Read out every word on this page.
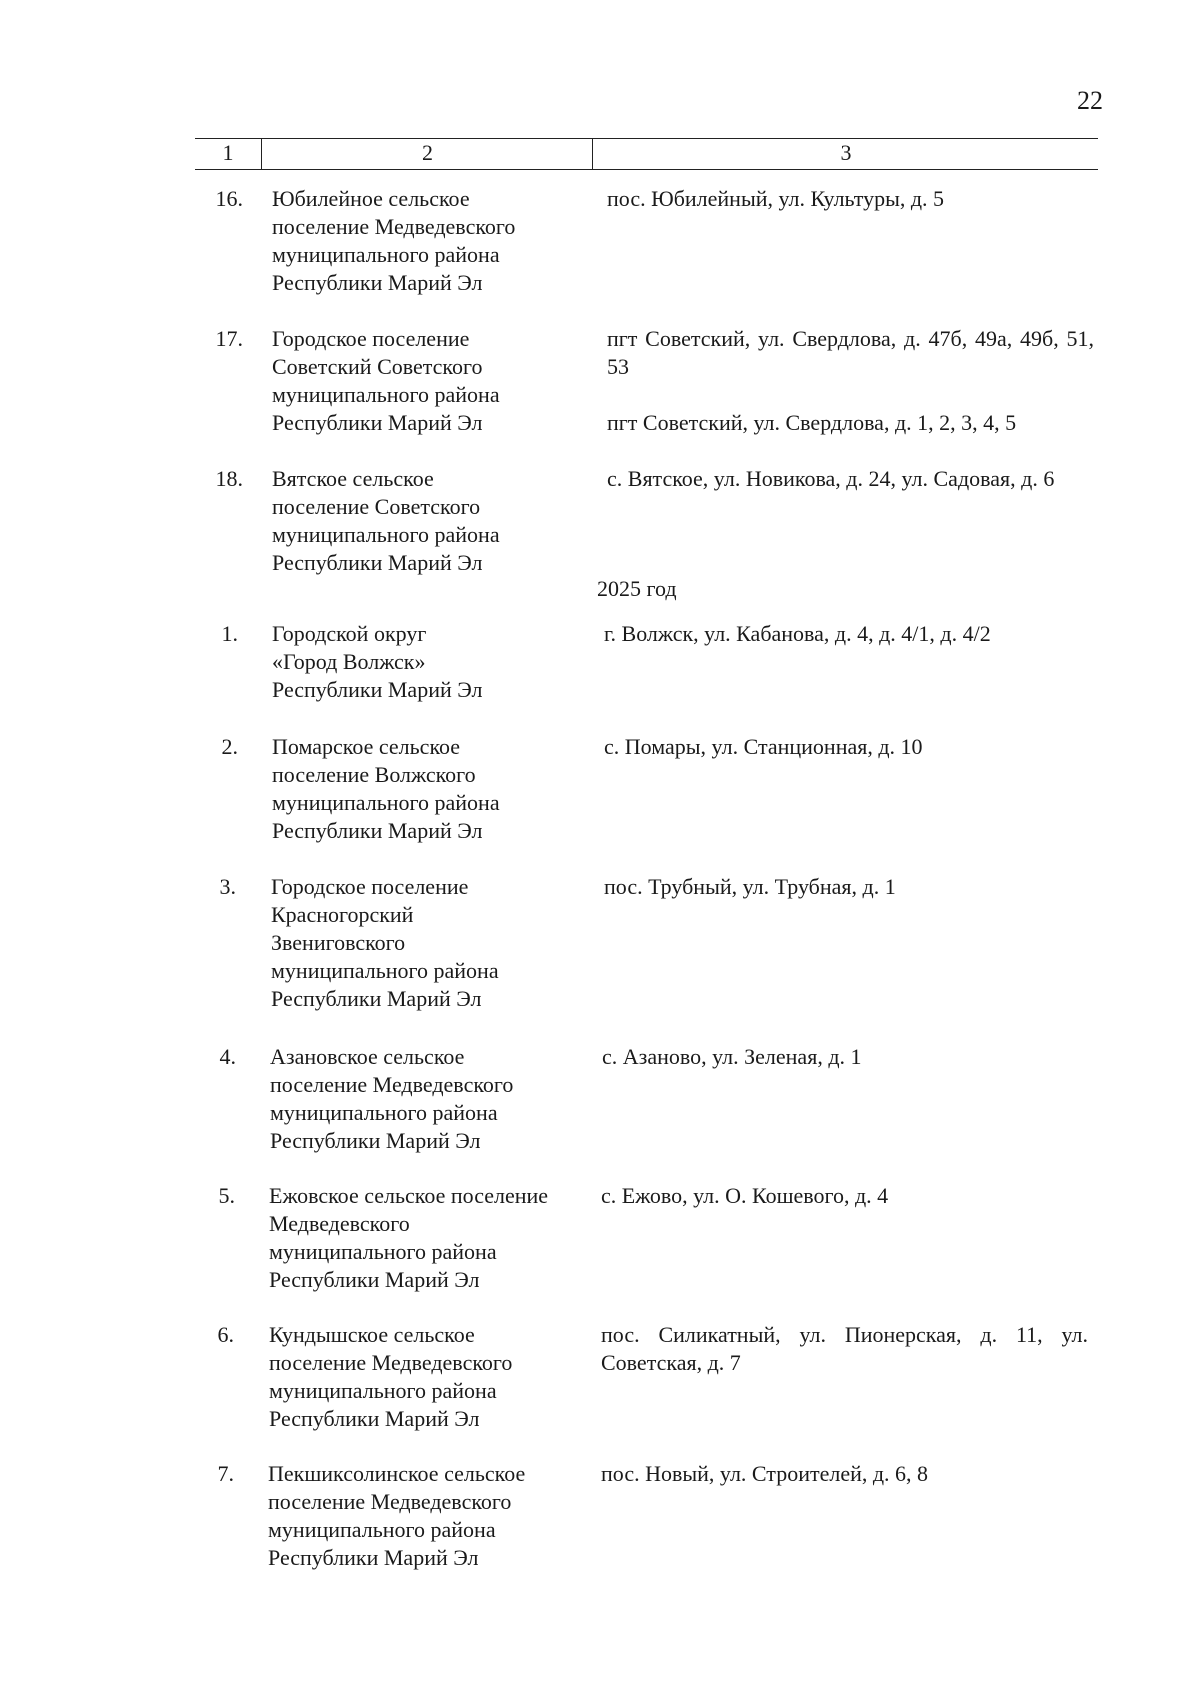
22
1	2	3
16. Юбилейное сельское
поселение Медведевского
муниципального района
Республики Марий Эл
пос. Юбилейный, ул. Культуры, д. 5
17. Городское поселение
Советский Советского
муниципального района
Республики Марий Эл
пгт Советский, ул. Свердлова, д. 47б, 49а, 49б, 51, 53
пгт Советский, ул. Свердлова, д. 1, 2, 3, 4, 5
18. Вятское сельское
поселение Советского
муниципального района
Республики Марий Эл
с. Вятское, ул. Новикова, д. 24, ул. Садовая, д. 6
2025 год
1. Городской округ
«Город Волжск»
Республики Марий Эл
г. Волжск, ул. Кабанова, д. 4, д. 4/1, д. 4/2
2. Помарское сельское
поселение Волжского
муниципального района
Республики Марий Эл
с. Помары, ул. Станционная, д. 10
3. Городское поселение
Красногорский
Звениговского
муниципального района
Республики Марий Эл
пос. Трубный, ул. Трубная, д. 1
4. Азановское сельское
поселение Медведевского
муниципального района
Республики Марий Эл
с. Азаново, ул. Зеленая, д. 1
5. Ежовское сельское поселение
Медведевского
муниципального района
Республики Марий Эл
с. Ежово, ул. О. Кошевого, д. 4
6. Кундышское сельское
поселение Медведевского
муниципального района
Республики Марий Эл
пос. Силикатный, ул. Пионерская, д. 11, ул. Советская, д. 7
7. Пекшиксолинское сельское
поселение Медведевского
муниципального района
Республики Марий Эл
пос. Новый, ул. Строителей, д. 6, 8
